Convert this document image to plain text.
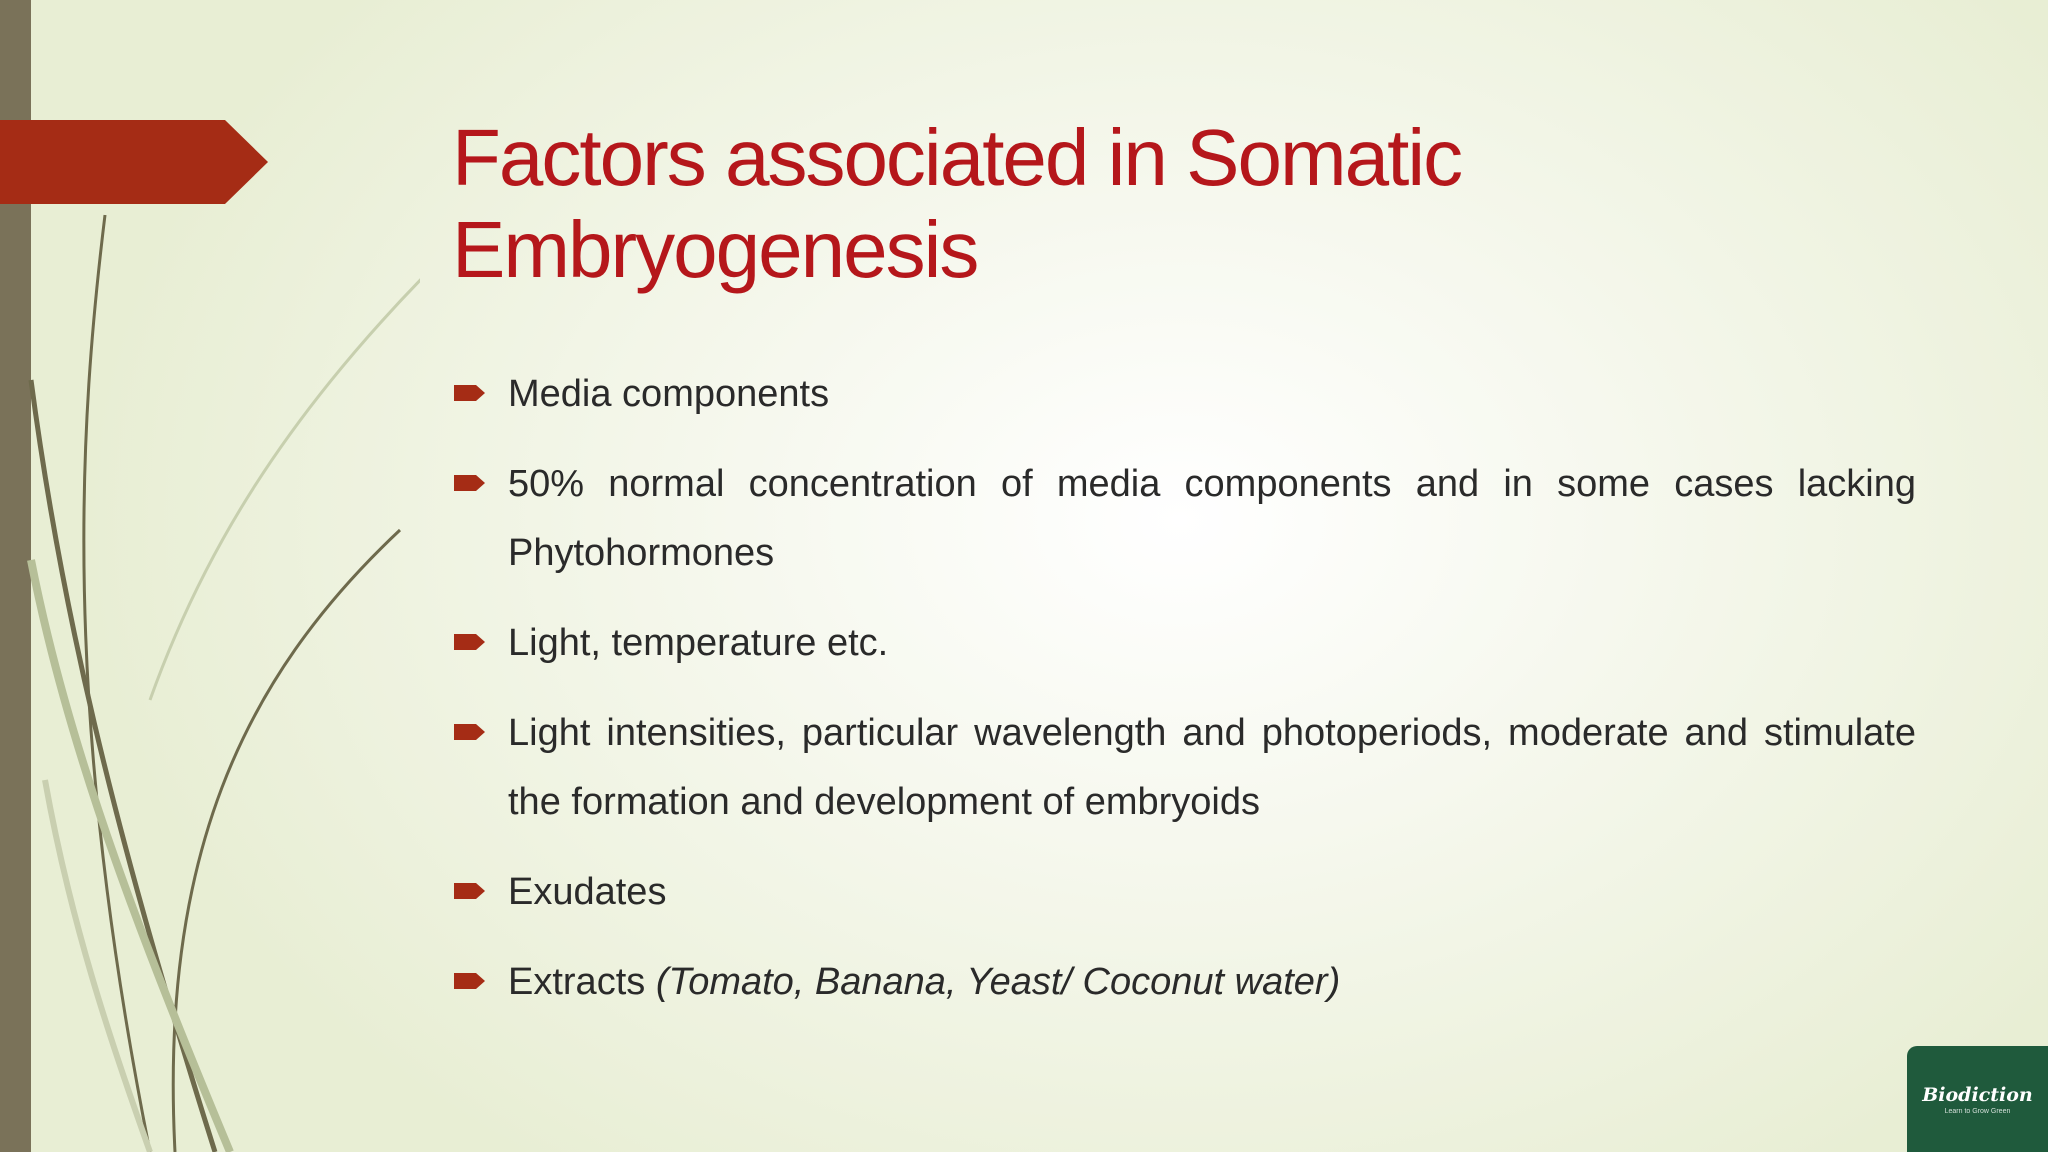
Factors associated in Somatic
Embryogenesis
Media components
50% normal concentration of media components and in some cases lacking Phytohormones
Light, temperature etc.
Light intensities, particular wavelength and photoperiods, moderate and stimulate the formation and development of embryoids
Exudates
Extracts (Tomato, Banana, Yeast/ Coconut water)
Biodiction
Learn to Grow Green
